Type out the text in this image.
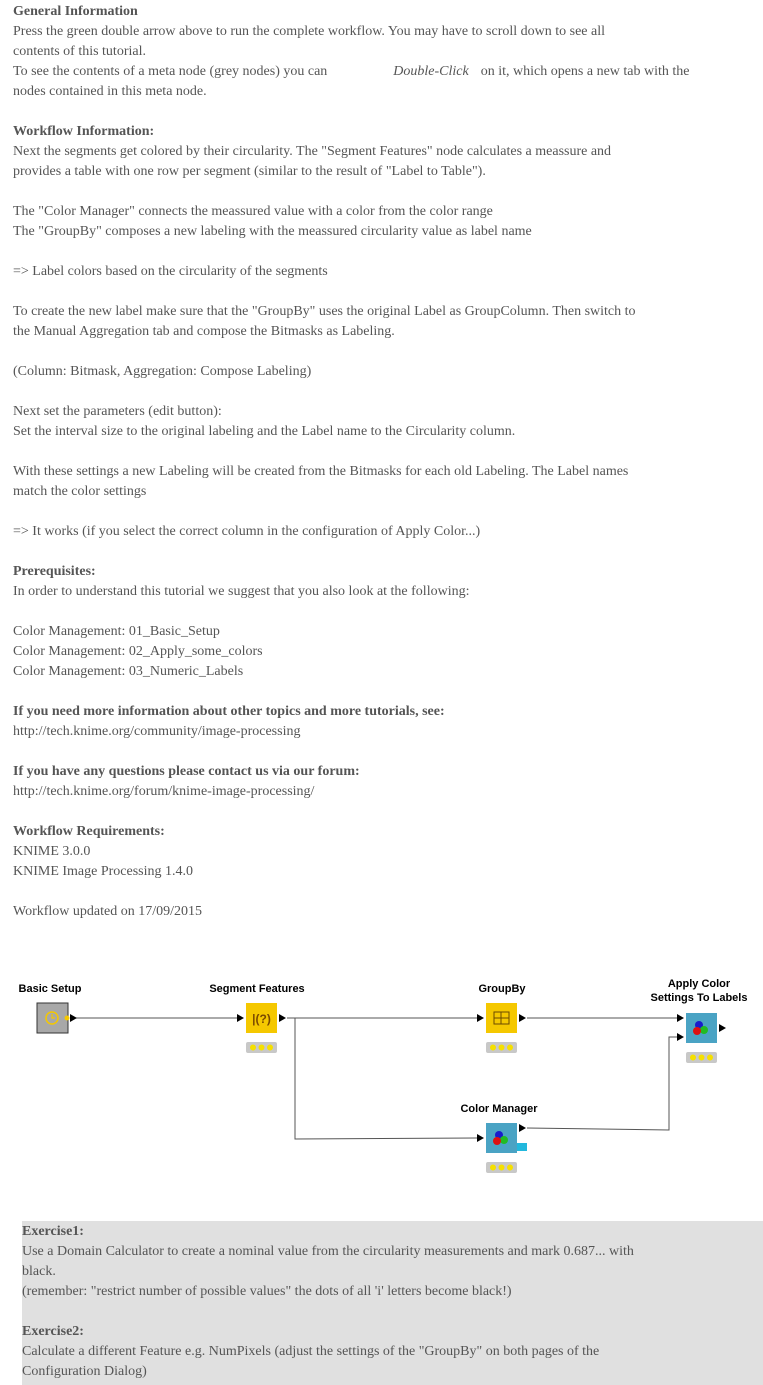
General Information
Press the green double arrow above to run the complete workflow. You may have to scroll down to see all
contents of this tutorial.
To see the contents of a meta node (grey nodes) you can	Double-Click on it, which opens a new tab with the
nodes contained in this meta node.
Workflow Information:
Next the segments get colored by their circularity. The "Segment Features" node calculates a meassure and
provides a table with one row per segment (similar to the result of "Label to Table").
The "Color Manager" connects the meassured value with a color from the color range
The "GroupBy" composes a new labeling with the meassured circularity value as label name
=> Label colors based on the circularity of the segments
To create the new label make sure that the "GroupBy" uses the original Label as GroupColumn. Then switch to
the Manual Aggregation tab and compose the Bitmasks as Labeling.
(Column: Bitmask, Aggregation: Compose Labeling)
Next set the parameters (edit button):
Set the interval size to the original labeling and the Label name to the Circularity column.
With these settings a new Labeling will be created from the Bitmasks for each old Labeling. The Label names
match the color settings
=> It works (if you select the correct column in the configuration of Apply Color...)
Prerequisites:
In order to understand this tutorial we suggest that you also look at the following:
Color Management: 01_Basic_Setup
Color Management: 02_Apply_some_colors
Color Management: 03_Numeric_Labels
If you need more information about other topics and more tutorials, see:
http://tech.knime.org/community/image-processing
If you have any questions please contact us via our forum:
http://tech.knime.org/forum/knime-image-processing/
Workflow Requirements:
KNIME 3.0.0
KNIME Image Processing 1.4.0
Workflow updated on 17/09/2015
|(?)
Basic Setup	Segment Features	GroupBy	Apply Color
Settings To Labels
Color Manager
Exercise1:
Use a Domain Calculator to create a nominal value from the circularity measurements and mark 0.687... with
black.
(remember: "restrict number of possible values" the dots of all 'i' letters become black!)
Exercise2:
Calculate a different Feature e.g. NumPixels (adjust the settings of the "GroupBy" on both pages of the
Configuration Dialog)
